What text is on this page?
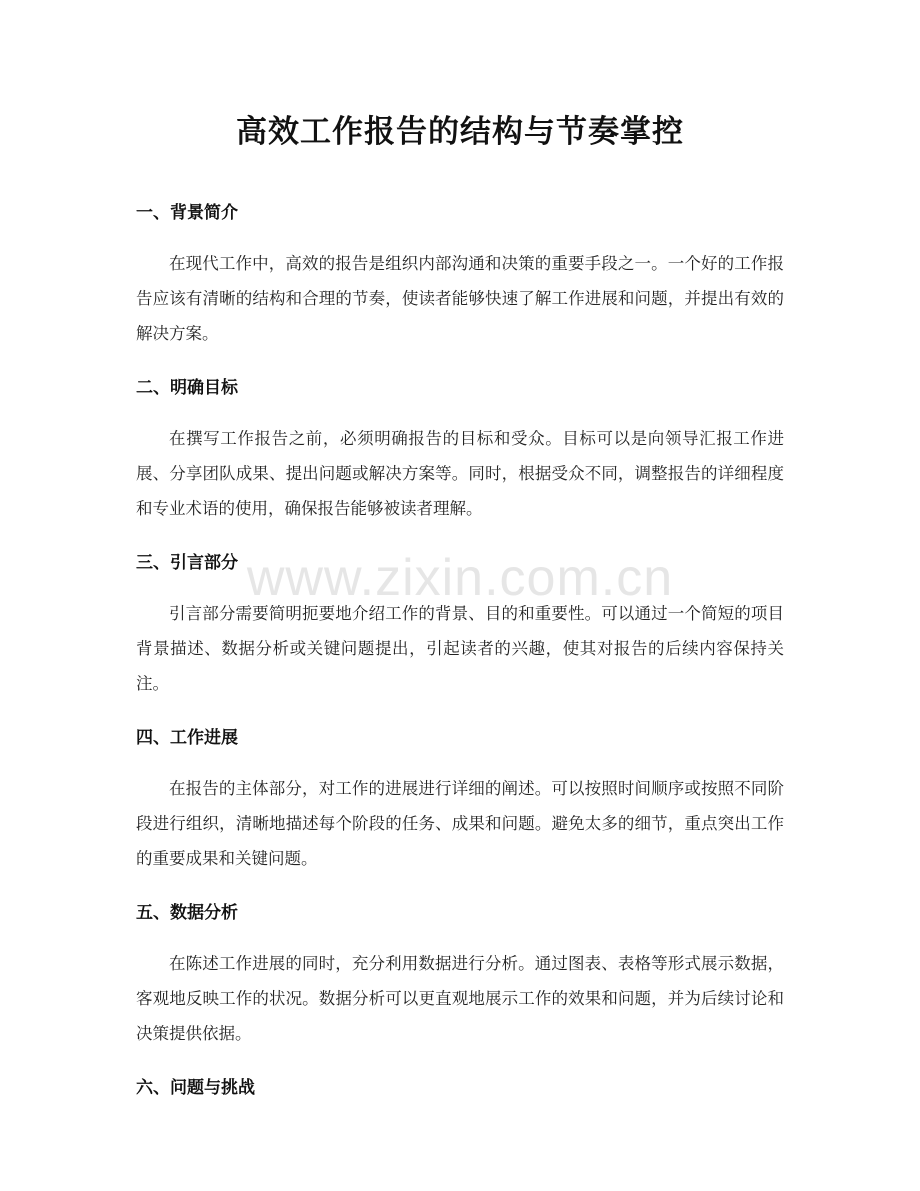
高效工作报告的结构与节奏掌控
一、背景简介

在现代工作中，高效的报告是组织内部沟通和决策的重要手段之一。一个好的工作报告应该有清晰的结构和合理的节奏，使读者能够快速了解工作进展和问题，并提出有效的解决方案。

二、明确目标

在撰写工作报告之前，必须明确报告的目标和受众。目标可以是向领导汇报工作进展、分享团队成果、提出问题或解决方案等。同时，根据受众不同，调整报告的详细程度和专业术语的使用，确保报告能够被读者理解。

三、引言部分

引言部分需要简明扼要地介绍工作的背景、目的和重要性。可以通过一个简短的项目背景描述、数据分析或关键问题提出，引起读者的兴趣，使其对报告的后续内容保持关注。

四、工作进展

在报告的主体部分，对工作的进展进行详细的阐述。可以按照时间顺序或按照不同阶段进行组织，清晰地描述每个阶段的任务、成果和问题。避免太多的细节，重点突出工作的重要成果和关键问题。

五、数据分析

在陈述工作进展的同时，充分利用数据进行分析。通过图表、表格等形式展示数据，客观地反映工作的状况。数据分析可以更直观地展示工作的效果和问题，并为后续讨论和决策提供依据。

六、问题与挑战
www.zixin.com.cn
